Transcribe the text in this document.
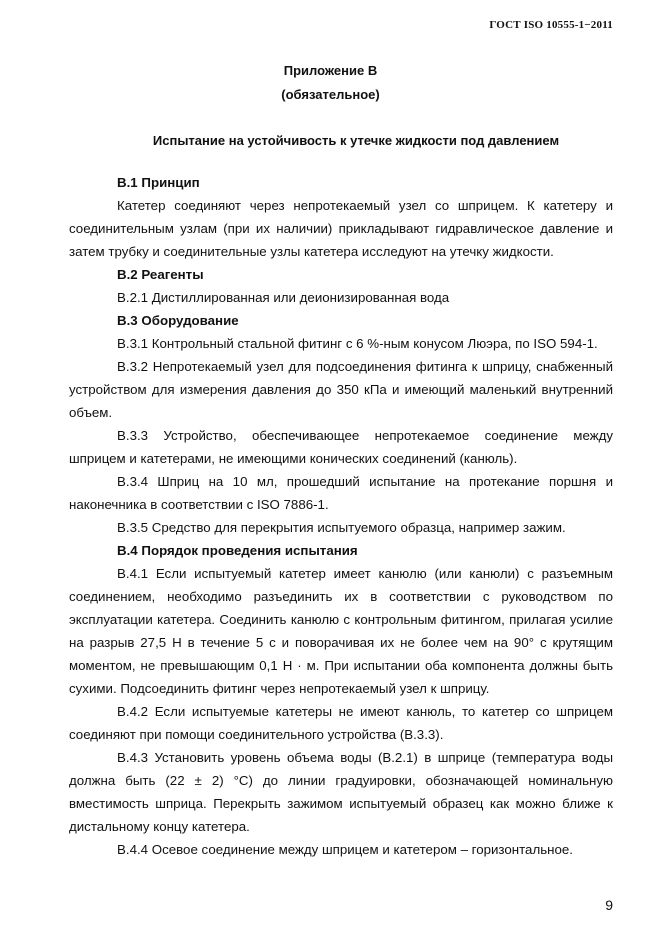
ГОСТ ISO 10555-1−2011
Приложение В
(обязательное)
Испытание на устойчивость к утечке жидкости под давлением

В.1 Принцип

Катетер соединяют через непротекаемый узел со шприцем. К катетеру и соединительным узлам (при их наличии) прикладывают гидравлическое давление и затем трубку и соединительные узлы катетера исследуют на утечку жидкости.

В.2 Реагенты

В.2.1 Дистиллированная или деионизированная вода

В.3 Оборудование

В.3.1 Контрольный стальной фитинг с 6 %-ным конусом Люэра, по ISO 594-1.

В.3.2 Непротекаемый узел для подсоединения фитинга к шприцу, снабженный устройством для измерения давления до 350 кПа и имеющий маленький внутренний объем.

В.3.3 Устройство, обеспечивающее непротекаемое соединение между шприцем и катетерами, не имеющими конических соединений (канюль).

В.3.4 Шприц на 10 мл, прошедший испытание на протекание поршня и наконечника в соответствии с ISO 7886-1.

В.3.5 Средство для перекрытия испытуемого образца, например зажим.

В.4 Порядок проведения испытания

В.4.1 Если испытуемый катетер имеет канюлю (или канюли) с разъемным соединением, необходимо разъединить их в соответствии с руководством по эксплуатации катетера. Соединить канюлю с контрольным фитингом, прилагая усилие на разрыв 27,5 Н в течение 5 с и поворачивая их не более чем на 90° с крутящим моментом, не превышающим 0,1 Н · м. При испытании оба компонента должны быть сухими. Подсоединить фитинг через непротекаемый узел к шприцу.

В.4.2 Если испытуемые катетеры не имеют канюль, то катетер со шприцем соединяют при помощи соединительного устройства (В.3.3).

В.4.3 Установить уровень объема воды (В.2.1) в шприце (температура воды должна быть (22 ± 2) °С) до линии градуировки, обозначающей номинальную вместимость шприца. Перекрыть зажимом испытуемый образец как можно ближе к дистальному концу катетера.

В.4.4 Осевое соединение между шприцем и катетером – горизонтальное.

9
